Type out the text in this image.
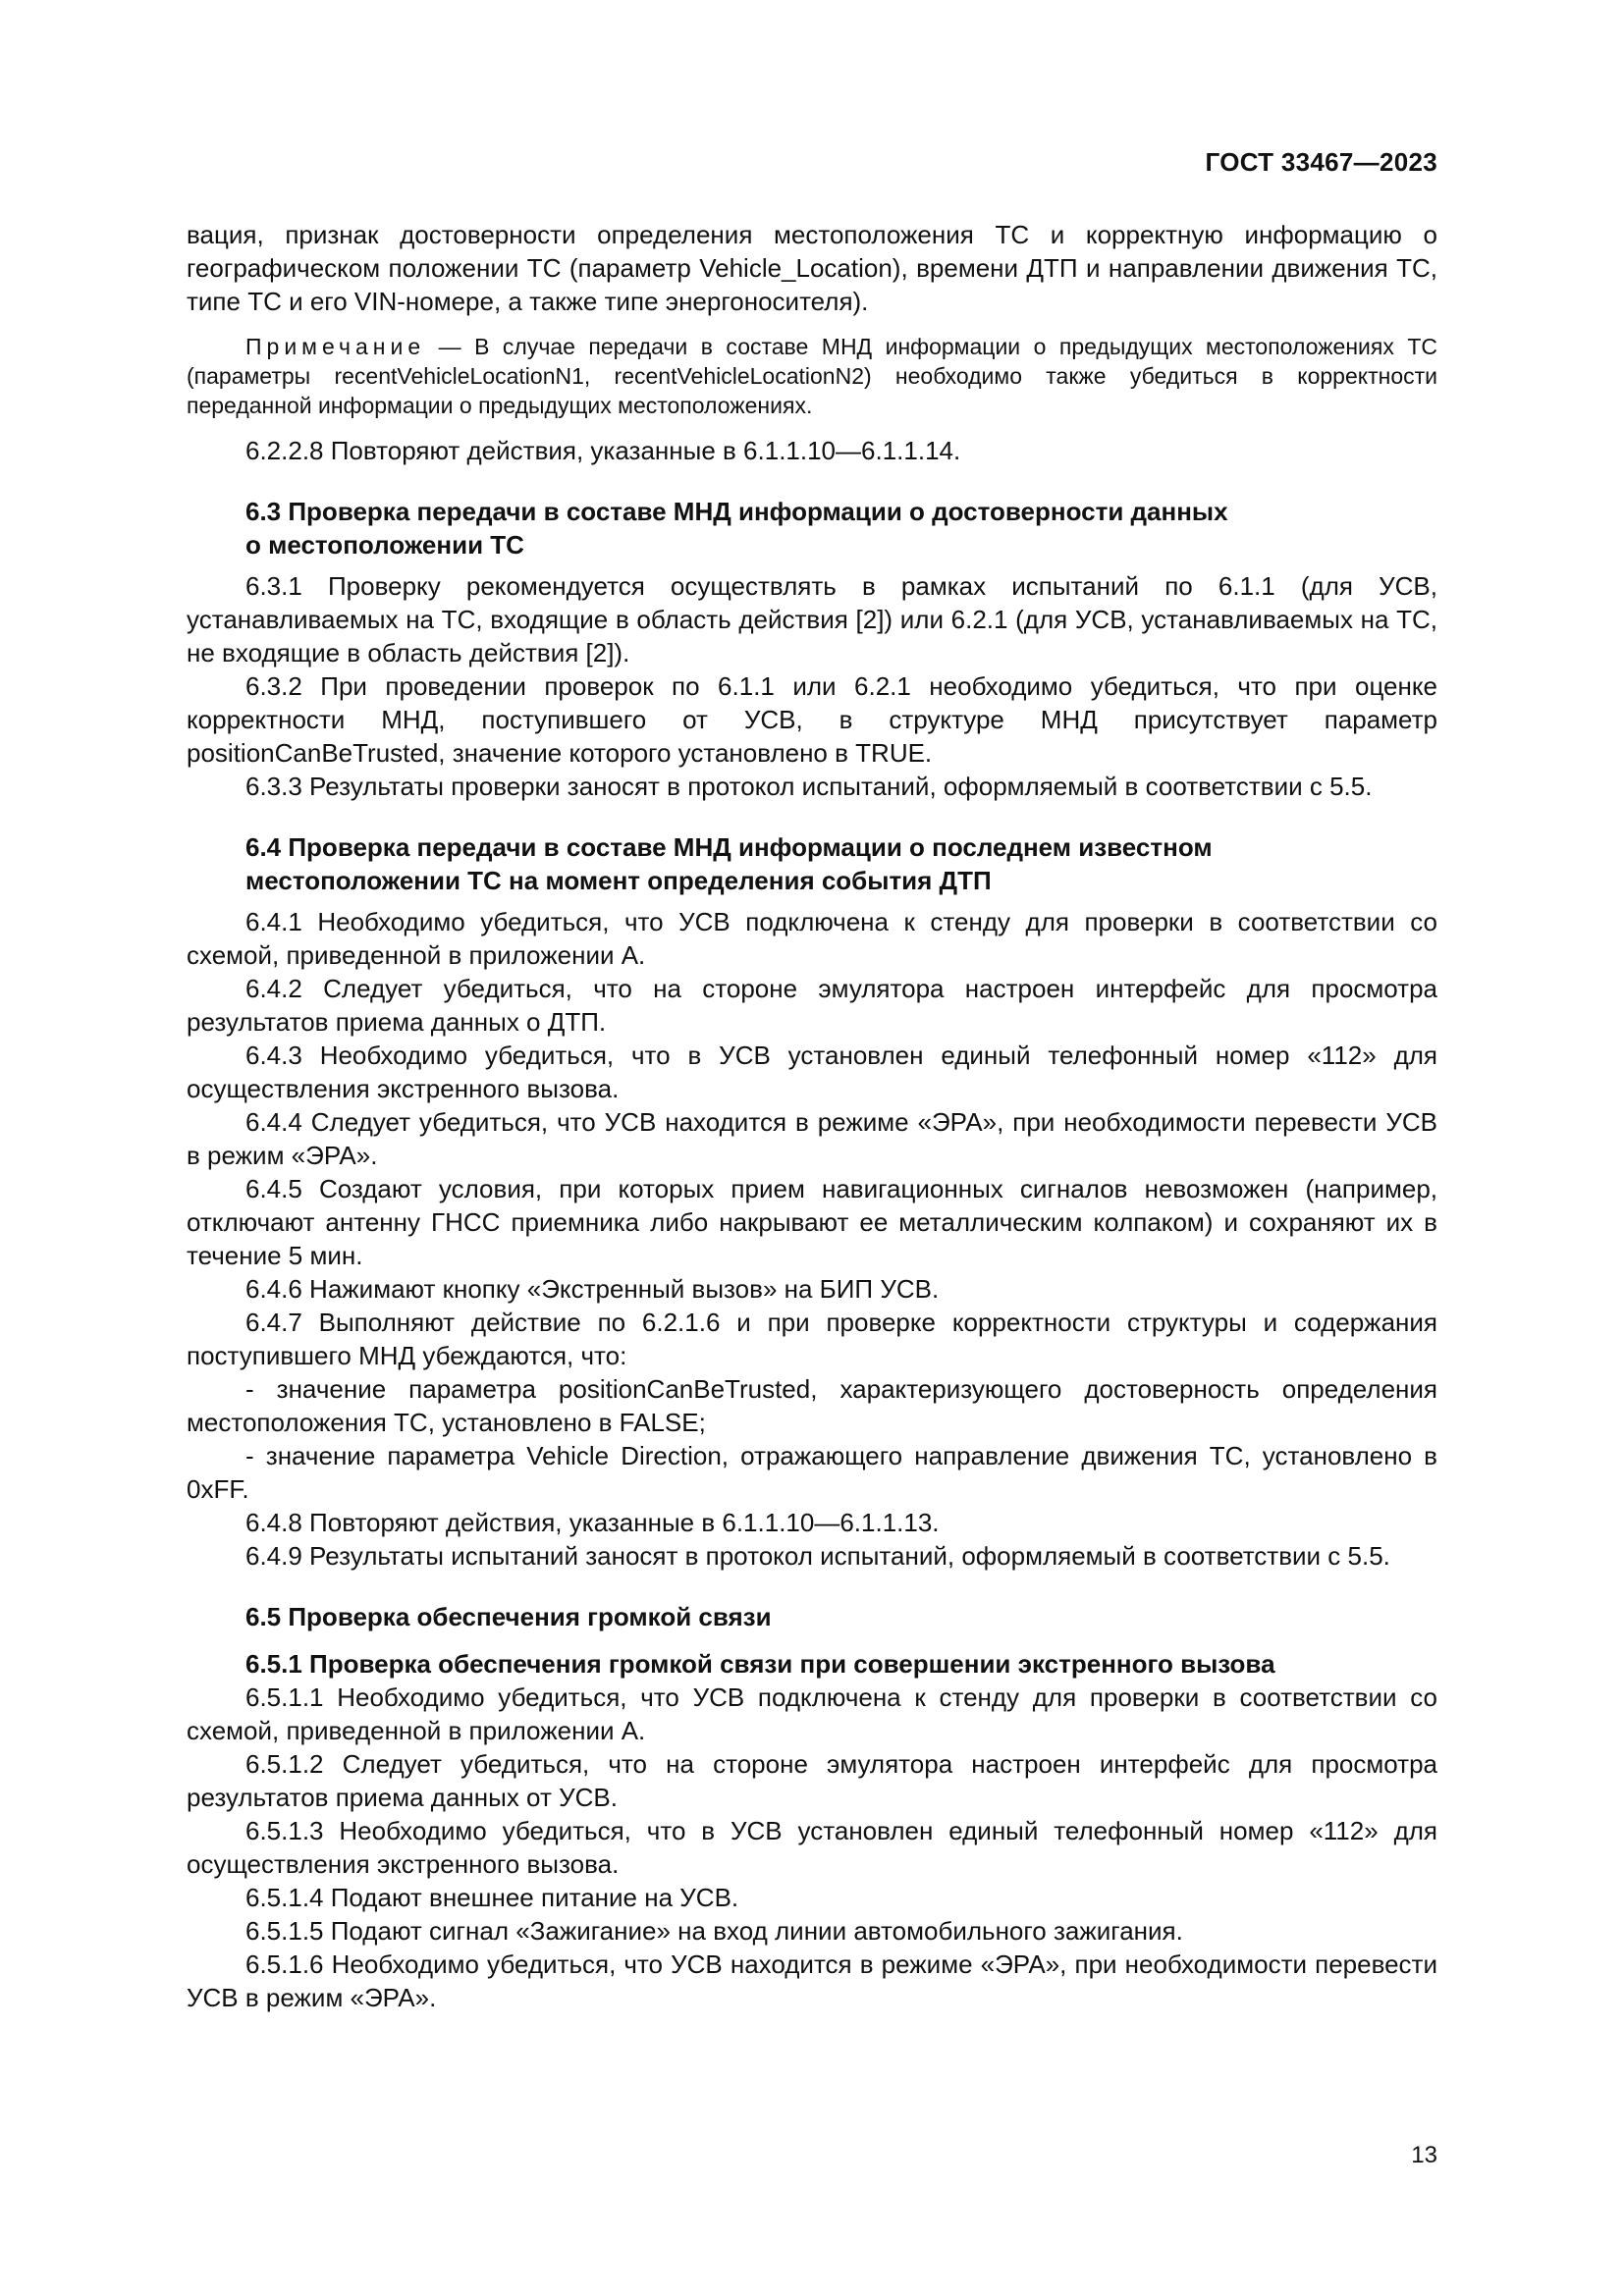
ГОСТ 33467—2023

вация, признак достоверности определения местоположения ТС и корректную информацию о географическом положении ТС (параметр Vehicle_Location), времени ДТП и направлении движения ТС, типе ТС и его VIN-номере, а также типе энергоносителя).

Примечание — В случае передачи в составе МНД информации о предыдущих местоположениях ТС (параметры recentVehicleLocationN1, recentVehicleLocationN2) необходимо также убедиться в корректности переданной информации о предыдущих местоположениях.

6.2.2.8 Повторяют действия, указанные в 6.1.1.10—6.1.1.14.

6.3 Проверка передачи в составе МНД информации о достоверности данных
о местоположении ТС

6.3.1 Проверку рекомендуется осуществлять в рамках испытаний по 6.1.1 (для УСВ, устанавливаемых на ТС, входящие в область действия [2]) или 6.2.1 (для УСВ, устанавливаемых на ТС, не входящие в область действия [2]).

6.3.2 При проведении проверок по 6.1.1 или 6.2.1 необходимо убедиться, что при оценке корректности МНД, поступившего от УСВ, в структуре МНД присутствует параметр positionCanBeTrusted, значение которого установлено в TRUE.

6.3.3 Результаты проверки заносят в протокол испытаний, оформляемый в соответствии с 5.5.

6.4 Проверка передачи в составе МНД информации о последнем известном
местоположении ТС на момент определения события ДТП

6.4.1 Необходимо убедиться, что УСВ подключена к стенду для проверки в соответствии со схемой, приведенной в приложении А.

6.4.2 Следует убедиться, что на стороне эмулятора настроен интерфейс для просмотра результатов приема данных о ДТП.

6.4.3 Необходимо убедиться, что в УСВ установлен единый телефонный номер «112» для осуществления экстренного вызова.

6.4.4 Следует убедиться, что УСВ находится в режиме «ЭРА», при необходимости перевести УСВ в режим «ЭРА».

6.4.5 Создают условия, при которых прием навигационных сигналов невозможен (например, отключают антенну ГНСС приемника либо накрывают ее металлическим колпаком) и сохраняют их в течение 5 мин.

6.4.6 Нажимают кнопку «Экстренный вызов» на БИП УСВ.

6.4.7 Выполняют действие по 6.2.1.6 и при проверке корректности структуры и содержания поступившего МНД убеждаются, что:

- значение параметра positionCanBeTrusted, характеризующего достоверность определения местоположения ТС, установлено в FALSE;

- значение параметра Vehicle Direction, отражающего направление движения ТС, установлено в 0xFF.

6.4.8 Повторяют действия, указанные в 6.1.1.10—6.1.1.13.

6.4.9 Результаты испытаний заносят в протокол испытаний, оформляемый в соответствии с 5.5.

6.5 Проверка обеспечения громкой связи

6.5.1 Проверка обеспечения громкой связи при совершении экстренного вызова

6.5.1.1 Необходимо убедиться, что УСВ подключена к стенду для проверки в соответствии со схемой, приведенной в приложении А.

6.5.1.2 Следует убедиться, что на стороне эмулятора настроен интерфейс для просмотра результатов приема данных от УСВ.

6.5.1.3 Необходимо убедиться, что в УСВ установлен единый телефонный номер «112» для осуществления экстренного вызова.

6.5.1.4 Подают внешнее питание на УСВ.

6.5.1.5 Подают сигнал «Зажигание» на вход линии автомобильного зажигания.

6.5.1.6 Необходимо убедиться, что УСВ находится в режиме «ЭРА», при необходимости перевести УСВ в режим «ЭРА».

13
